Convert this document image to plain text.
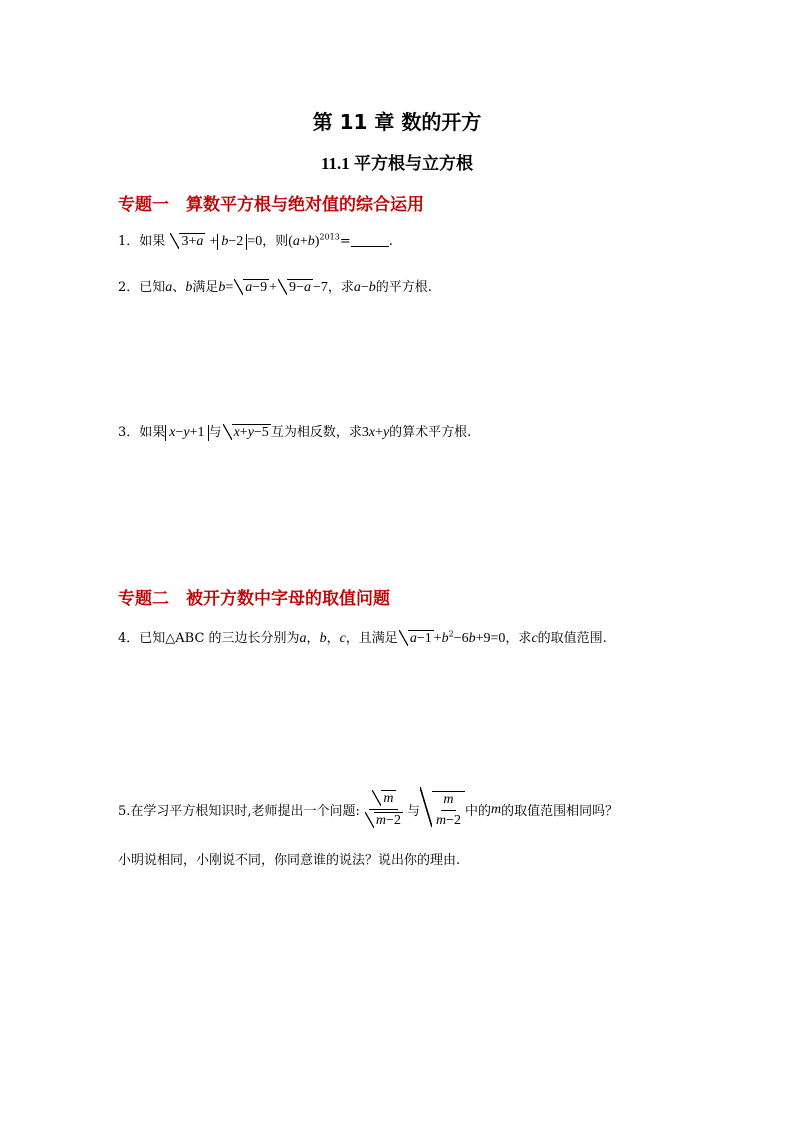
第 11 章 数的开方
11.1 平方根与立方根
专题一　算数平方根与绝对值的综合运用
1．如果 3+a + b−2 =0，则$(a+b)^{2013}=$	.
2．已知a、b满足b= a−9 + 9−a −7，求a−b的平方根.
3．如果 x−y+1 与 x+y−5 互为相反数，求3x+y的算术平方根.
专题二　被开方数中字母的取值问题
4．已知△ABC 的三边长分别为a，b，c，且满足 $a-1 +b^2-6b+9=0$，求c的取值范围.
5.在学习平方根知识时,老师提出一个问题: $\frac{m}{m-2}$ 与 $\frac{m}{m-2}$ 中的 m 的取值范围相同吗？
小明说相同，小刚说不同，你同意谁的说法？说出你的理由.
